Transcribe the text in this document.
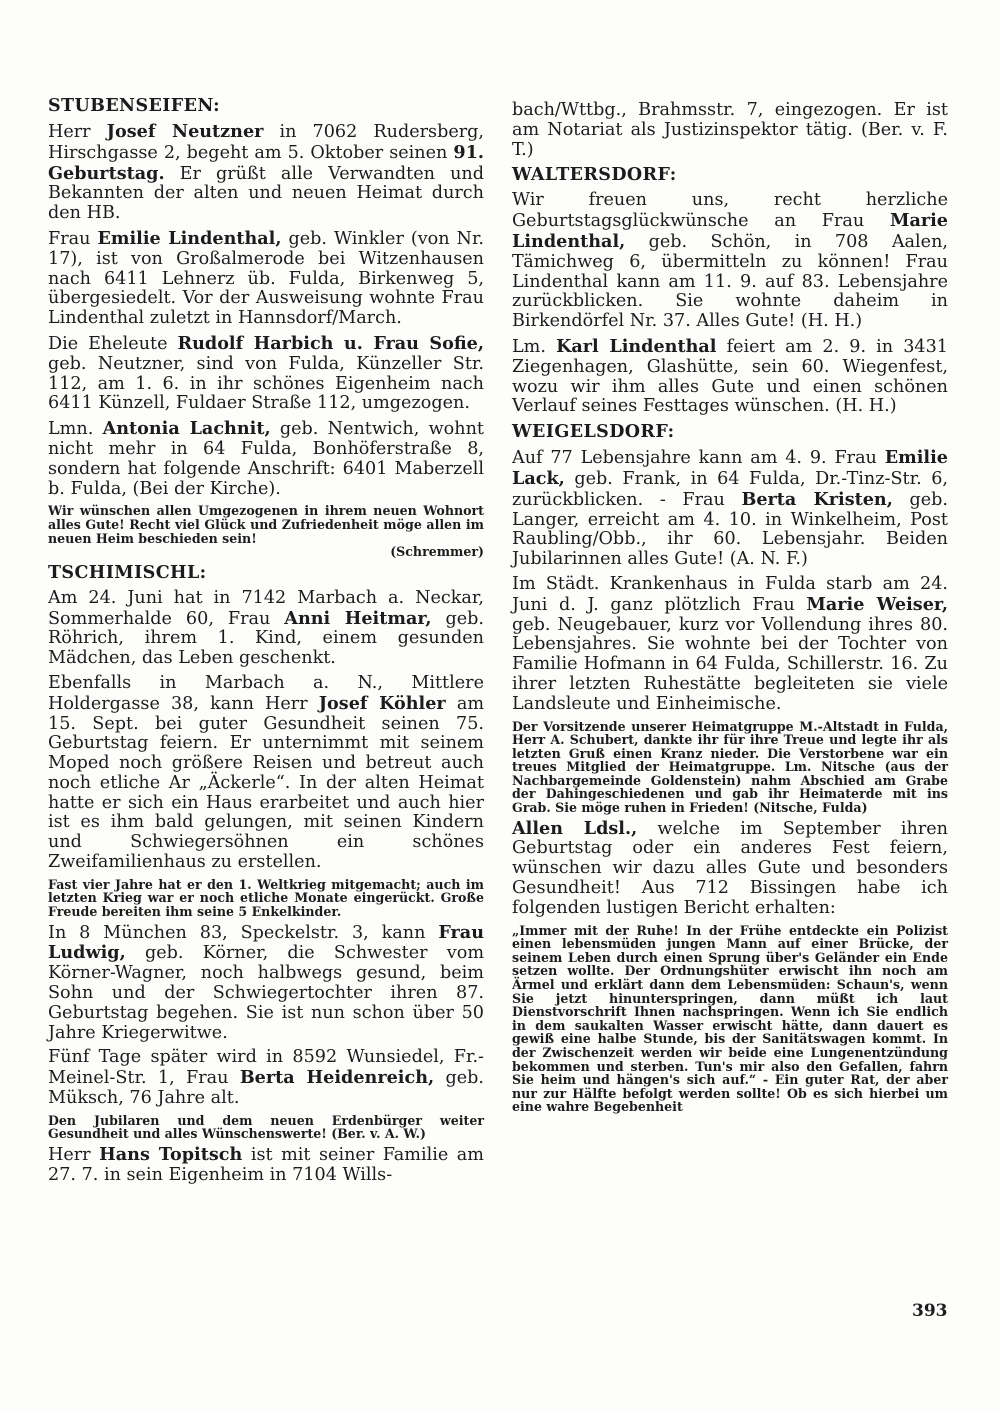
STUBENSEIFEN:

Herr Josef Neutzner in 7062 Rudersberg, Hirschgasse 2, begeht am 5. Oktober seinen 91. Geburtstag. Er grüßt alle Verwandten und Bekannten der alten und neuen Heimat durch den HB.

Frau Emilie Lindenthal, geb. Winkler (von Nr. 17), ist von Großalmerode bei Witzenhausen nach 6411 Lehnerz üb. Fulda, Birkenweg 5, übergesiedelt. Vor der Ausweisung wohnte Frau Lindenthal zuletzt in Hannsdorf/March.

Die Eheleute Rudolf Harbich u. Frau Sofie, geb. Neutzner, sind von Fulda, Künzeller Str. 112, am 1. 6. in ihr schönes Eigenheim nach 6411 Künzell, Fuldaer Straße 112, umgezogen.

Lmn. Antonia Lachnit, geb. Nentwich, wohnt nicht mehr in 64 Fulda, Bonhöferstraße 8, sondern hat folgende Anschrift: 6401 Maberzell b. Fulda, (Bei der Kirche).

Wir wünschen allen Umgezogenen in ihrem neuen Wohnort alles Gute! Recht viel Glück und Zufriedenheit möge allen im neuen Heim beschieden sein!
(Schremmer)

TSCHIMISCHL:

Am 24. Juni hat in 7142 Marbach a. Neckar, Sommerhalde 60, Frau Anni Heitmar, geb. Röhrich, ihrem 1. Kind, einem gesunden Mädchen, das Leben geschenkt.

Ebenfalls in Marbach a. N., Mittlere Holdergasse 38, kann Herr Josef Köhler am 15. Sept. bei guter Gesundheit seinen 75. Geburtstag feiern. Er unternimmt mit seinem Moped noch größere Reisen und betreut auch noch etliche Ar „Äckerle“. In der alten Heimat hatte er sich ein Haus erarbeitet und auch hier ist es ihm bald gelungen, mit seinen Kindern und Schwiegersöhnen ein schönes Zweifamilienhaus zu erstellen.

Fast vier Jahre hat er den 1. Weltkrieg mitgemacht; auch im letzten Krieg war er noch etliche Monate eingerückt. Große Freude bereiten ihm seine 5 Enkelkinder.

In 8 München 83, Speckelstr. 3, kann Frau Ludwig, geb. Körner, die Schwester vom Körner-Wagner, noch halbwegs gesund, beim Sohn und der Schwiegertochter ihren 87. Geburtstag begehen. Sie ist nun schon über 50 Jahre Kriegerwitwe.

Fünf Tage später wird in 8592 Wunsiedel, Fr.-Meinel-Str. 1, Frau Berta Heidenreich, geb. Müksch, 76 Jahre alt.

Den Jubilaren und dem neuen Erdenbürger weiter Gesundheit und alles Wünschenswerte! (Ber. v. A. W.)

Herr Hans Topitsch ist mit seiner Familie am 27. 7. in sein Eigenheim in 7104 Wills-

bach/Wttbg., Brahmsstr. 7, eingezogen. Er ist am Notariat als Justizinspektor tätig. (Ber. v. F. T.)

WALTERSDORF:

Wir freuen uns, recht herzliche Geburtstagsglückwünsche an Frau Marie Lindenthal, geb. Schön, in 708 Aalen, Tämichweg 6, übermitteln zu können! Frau Lindenthal kann am 11. 9. auf 83. Lebensjahre zurückblicken. Sie wohnte daheim in Birkendörfel Nr. 37. Alles Gute! (H. H.)

Lm. Karl Lindenthal feiert am 2. 9. in 3431 Ziegenhagen, Glashütte, sein 60. Wiegenfest, wozu wir ihm alles Gute und einen schönen Verlauf seines Festtages wünschen. (H. H.)

WEIGELSDORF:

Auf 77 Lebensjahre kann am 4. 9. Frau Emilie Lack, geb. Frank, in 64 Fulda, Dr.-Tinz-Str. 6, zurückblicken. - Frau Berta Kristen, geb. Langer, erreicht am 4. 10. in Winkelheim, Post Raubling/Obb., ihr 60. Lebensjahr. Beiden Jubilarinnen alles Gute! (A. N. F.)

Im Städt. Krankenhaus in Fulda starb am 24. Juni d. J. ganz plötzlich Frau Marie Weiser, geb. Neugebauer, kurz vor Vollendung ihres 80. Lebensjahres. Sie wohnte bei der Tochter von Familie Hofmann in 64 Fulda, Schillerstr. 16. Zu ihrer letzten Ruhestätte begleiteten sie viele Landsleute und Einheimische.

Der Vorsitzende unserer Heimatgruppe M.-Altstadt in Fulda, Herr A. Schubert, dankte ihr für ihre Treue und legte ihr als letzten Gruß einen Kranz nieder. Die Verstorbene war ein treues Mitglied der Heimatgruppe. Lm. Nitsche (aus der Nachbargemeinde Goldenstein) nahm Abschied am Grabe der Dahingeschiedenen und gab ihr Heimaterde mit ins Grab. Sie möge ruhen in Frieden! (Nitsche, Fulda)

Allen Ldsl., welche im September ihren Geburtstag oder ein anderes Fest feiern, wünschen wir dazu alles Gute und besonders Gesundheit! Aus 712 Bissingen habe ich folgenden lustigen Bericht erhalten:

„Immer mit der Ruhe! In der Frühe entdeckte ein Polizist einen lebensmüden jungen Mann auf einer Brücke, der seinem Leben durch einen Sprung über's Geländer ein Ende setzen wollte. Der Ordnungshüter erwischt ihn noch am Ärmel und erklärt dann dem Lebensmüden: Schaun's, wenn Sie jetzt hinunterspringen, dann müßt ich laut Dienstvorschrift Ihnen nachspringen. Wenn ich Sie endlich in dem saukalten Wasser erwischt hätte, dann dauert es gewiß eine halbe Stunde, bis der Sanitätswagen kommt. In der Zwischenzeit werden wir beide eine Lungenentzündung bekommen und sterben. Tun's mir also den Gefallen, fahrn Sie heim und hängen's sich auf.“ - Ein guter Rat, der aber nur zur Hälfte befolgt werden sollte! Ob es sich hierbei um eine wahre Begebenheit

393
